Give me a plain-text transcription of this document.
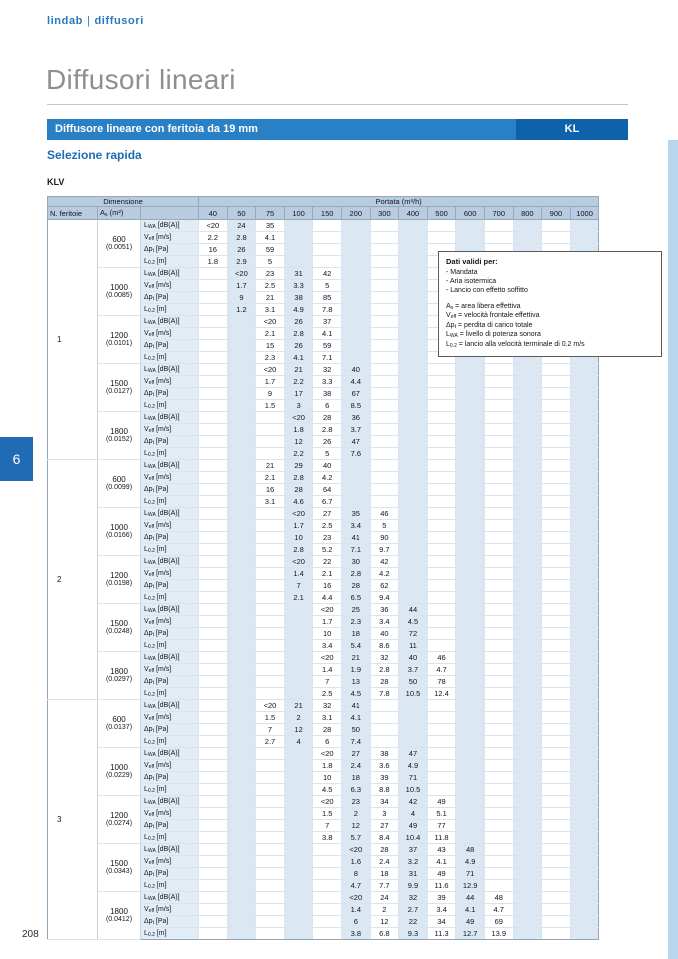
lindab | diffusori
Diffusori lineari
Diffusore lineare con feritoia da 19 mm	KL
Selezione rapida
KLV
Dimensione			Portata (m³/h)													
N. feritoie	$A_s$ (m²)		40	50	75	100	150	200	300	400	500	600	700	800	900	1000
1	600
(0.0051)	$L_{WA}$ [dB(A)]	<20	24	35											
		$V_{eff}$ [m/s]	2.2	2.8	4.1											
		$\Delta p_t$ [Pa]	16	26	59											
		$L_{0.2}$ [m]	1.8	2.9	5											

	1000
(0.0085)	$L_{WA}$ [dB(A)]		<20	23	31	42									
		$V_{eff}$ [m/s]		1.7	2.5	3.3	5									
		$\Delta p_t$ [Pa]		9	21	38	85									
		$L_{0.2}$ [m]		1.2	3.1	4.9	7.8									

	1200
(0.0101)	$L_{WA}$ [dB(A)]			<20	26	37									
		$V_{eff}$ [m/s]			2.1	2.8	4.1									
		$\Delta p_t$ [Pa]			15	26	59									
		$L_{0.2}$ [m]			2.3	4.1	7.1									

	1500
(0.0127)	$L_{WA}$ [dB(A)]			<20	21	32	40								
		$V_{eff}$ [m/s]			1.7	2.2	3.3	4.4								
		$\Delta p_t$ [Pa]			9	17	38	67								
		$L_{0.2}$ [m]			1.5	3	6	8.5								

	1800
(0.0152)	$L_{WA}$ [dB(A)]				<20	28	36								
		$V_{eff}$ [m/s]				1.8	2.8	3.7								
		$\Delta p_t$ [Pa]				12	26	47								
		$L_{0.2}$ [m]				2.2	5	7.6								
2	600
(0.0099)	$L_{WA}$ [dB(A)]			21	29	40									
		$V_{eff}$ [m/s]			2.1	2.8	4.2									
		$\Delta p_t$ [Pa]			16	28	64									
		$L_{0.2}$ [m]			3.1	4.6	6.7									

	1000
(0.0166)	$L_{WA}$ [dB(A)]				<20	27	35	46							
		$V_{eff}$ [m/s]				1.7	2.5	3.4	5							
		$\Delta p_t$ [Pa]				10	23	41	90							
		$L_{0.2}$ [m]				2.8	5.2	7.1	9.7							

	1200
(0.0198)	$L_{WA}$ [dB(A)]				<20	22	30	42							
		$V_{eff}$ [m/s]				1.4	2.1	2.8	4.2							
		$\Delta p_t$ [Pa]				7	16	28	62							
		$L_{0.2}$ [m]				2.1	4.4	6.5	9.4							

	1500
(0.0248)	$L_{WA}$ [dB(A)]					<20	25	36	44						
		$V_{eff}$ [m/s]					1.7	2.3	3.4	4.5						
		$\Delta p_t$ [Pa]					10	18	40	72						
		$L_{0.2}$ [m]					3.4	5.4	8.6	11						

	1800
(0.0297)	$L_{WA}$ [dB(A)]					<20	21	32	40	46					
		$V_{eff}$ [m/s]					1.4	1.9	2.8	3.7	4.7					
		$\Delta p_t$ [Pa]					7	13	28	50	78					
		$L_{0.2}$ [m]					2.5	4.5	7.8	10.5	12.4					
3	600
(0.0137)	$L_{WA}$ [dB(A)]			<20	21	32	41								
		$V_{eff}$ [m/s]			1.5	2	3.1	4.1								
		$\Delta p_t$ [Pa]			7	12	28	50								
		$L_{0.2}$ [m]			2.7	4	6	7.4								

	1000
(0.0229)	$L_{WA}$ [dB(A)]					<20	27	38	47						
		$V_{eff}$ [m/s]					1.8	2.4	3.6	4.9						
		$\Delta p_t$ [Pa]					10	18	39	71						
		$L_{0.2}$ [m]					4.5	6.3	8.8	10.5						

	1200
(0.0274)	$L_{WA}$ [dB(A)]					<20	23	34	42	49					
		$V_{eff}$ [m/s]					1.5	2	3	4	5.1					
		$\Delta p_t$ [Pa]					7	12	27	49	77					
		$L_{0.2}$ [m]					3.8	5.7	8.4	10.4	11.8					

	1500
(0.0343)	$L_{WA}$ [dB(A)]						<20	28	37	43	48				
		$V_{eff}$ [m/s]						1.6	2.4	3.2	4.1	4.9				
		$\Delta p_t$ [Pa]						8	18	31	49	71				
		$L_{0.2}$ [m]						4.7	7.7	9.9	11.6	12.9				

	1800
(0.0412)	$L_{WA}$ [dB(A)]						<20	24	32	39	44	48			
		$V_{eff}$ [m/s]						1.4	2	2.7	3.4	4.1	4.7			
		$\Delta p_t$ [Pa]						6	12	22	34	49	69			
		$L_{0.2}$ [m]						3.8	6.8	9.3	11.3	12.7	13.9			
Dati validi per:
- Mandata
- Aria isotermica
- Lancio con effetto soffitto
$A_s$ = area libera effettiva
$V_{eff}$ = velocità frontale effettiva
$\Delta p_t$ = perdita di carico totale
$L_{WA}$ = livello di potenza sonora
$L_{0.2}$ = lancio alla velocità terminale di 0.2 m/s
6
208
